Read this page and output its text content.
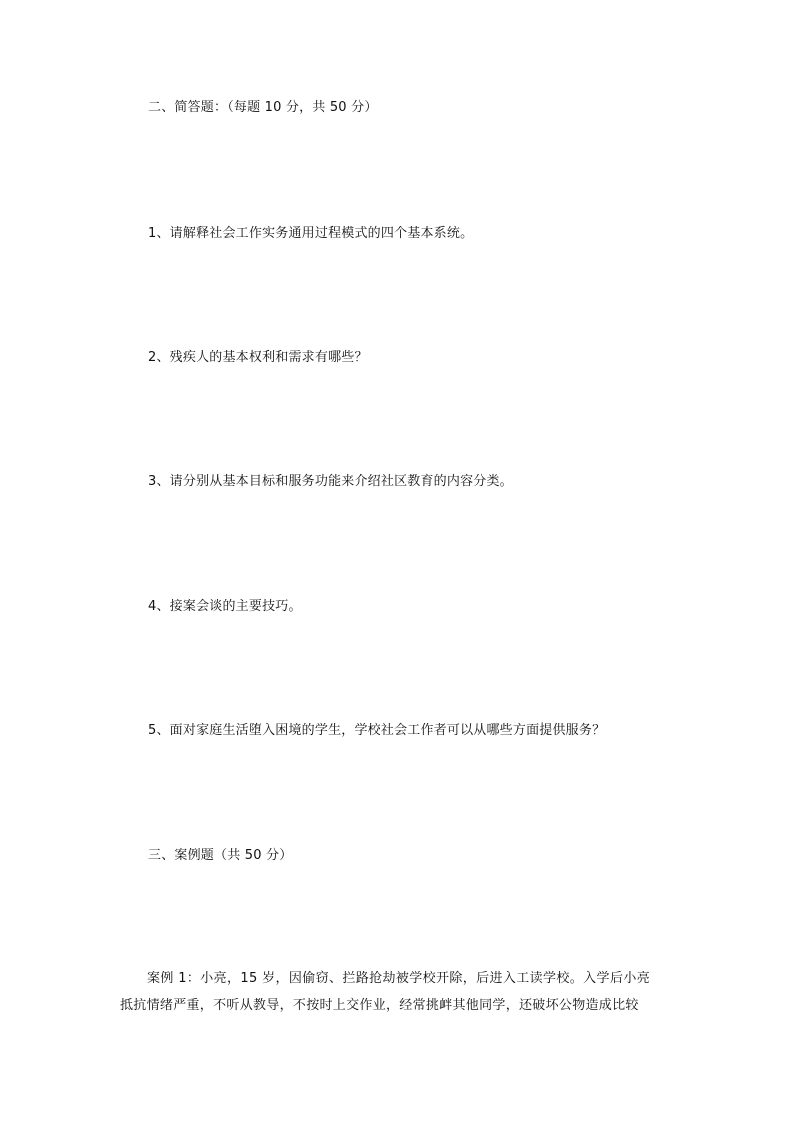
二、简答题：（每题 10 分，共 50 分）
1、请解释社会工作实务通用过程模式的四个基本系统。
2、残疾人的基本权利和需求有哪些？
3、请分别从基本目标和服务功能来介绍社区教育的内容分类。
4、接案会谈的主要技巧。
5、面对家庭生活堕入困境的学生，学校社会工作者可以从哪些方面提供服务？
三、案例题（共 50 分）
案例 1：小亮，15 岁，因偷窃、拦路抢劫被学校开除，后进入工读学校。入学后小亮抵抗情绪严重，不听从教导，不按时上交作业，经常挑衅其他同学，还破坏公物造成比较
